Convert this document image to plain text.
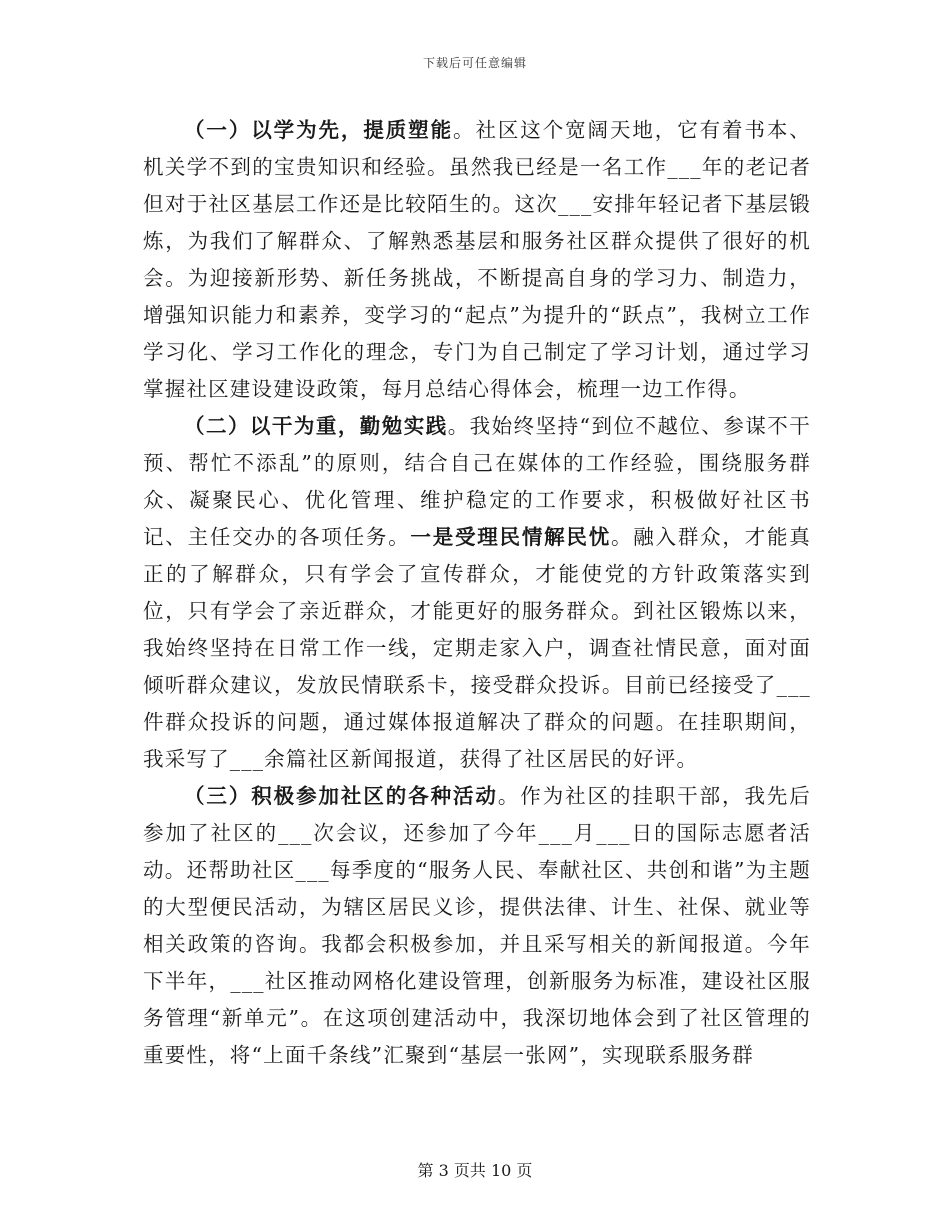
下载后可任意编辑

（一）以学为先，提质塑能。社区这个宽阔天地，它有着书本、机关学不到的宝贵知识和经验。虽然我已经是一名工作___年的老记者但对于社区基层工作还是比较陌生的。这次___安排年轻记者下基层锻炼，为我们了解群众、了解熟悉基层和服务社区群众提供了很好的机会。为迎接新形势、新任务挑战，不断提高自身的学习力、制造力，增强知识能力和素养，变学习的“起点”为提升的“跃点”，我树立工作学习化、学习工作化的理念，专门为自己制定了学习计划，通过学习掌握社区建设建设政策，每月总结心得体会，梳理一边工作得。

（二）以干为重，勤勉实践。我始终坚持“到位不越位、参谋不干预、帮忙不添乱”的原则，结合自己在媒体的工作经验，围绕服务群众、凝聚民心、优化管理、维护稳定的工作要求，积极做好社区书记、主任交办的各项任务。一是受理民情解民忧。融入群众，才能真正的了解群众，只有学会了宣传群众，才能使党的方针政策落实到位，只有学会了亲近群众，才能更好的服务群众。到社区锻炼以来，我始终坚持在日常工作一线，定期走家入户，调查社情民意，面对面倾听群众建议，发放民情联系卡，接受群众投诉。目前已经接受了___件群众投诉的问题，通过媒体报道解决了群众的问题。在挂职期间，我采写了___余篇社区新闻报道，获得了社区居民的好评。

（三）积极参加社区的各种活动。作为社区的挂职干部，我先后参加了社区的___次会议，还参加了今年___月___日的国际志愿者活动。还帮助社区___每季度的“服务人民、奉献社区、共创和谐”为主题的大型便民活动，为辖区居民义诊，提供法律、计生、社保、就业等相关政策的咨询。我都会积极参加，并且采写相关的新闻报道。今年下半年，___社区推动网格化建设管理，创新服务为标准，建设社区服务管理“新单元”。在这项创建活动中，我深切地体会到了社区管理的重要性，将“上面千条线”汇聚到“基层一张网”，实现联系服务群

第 3 页共 10 页
